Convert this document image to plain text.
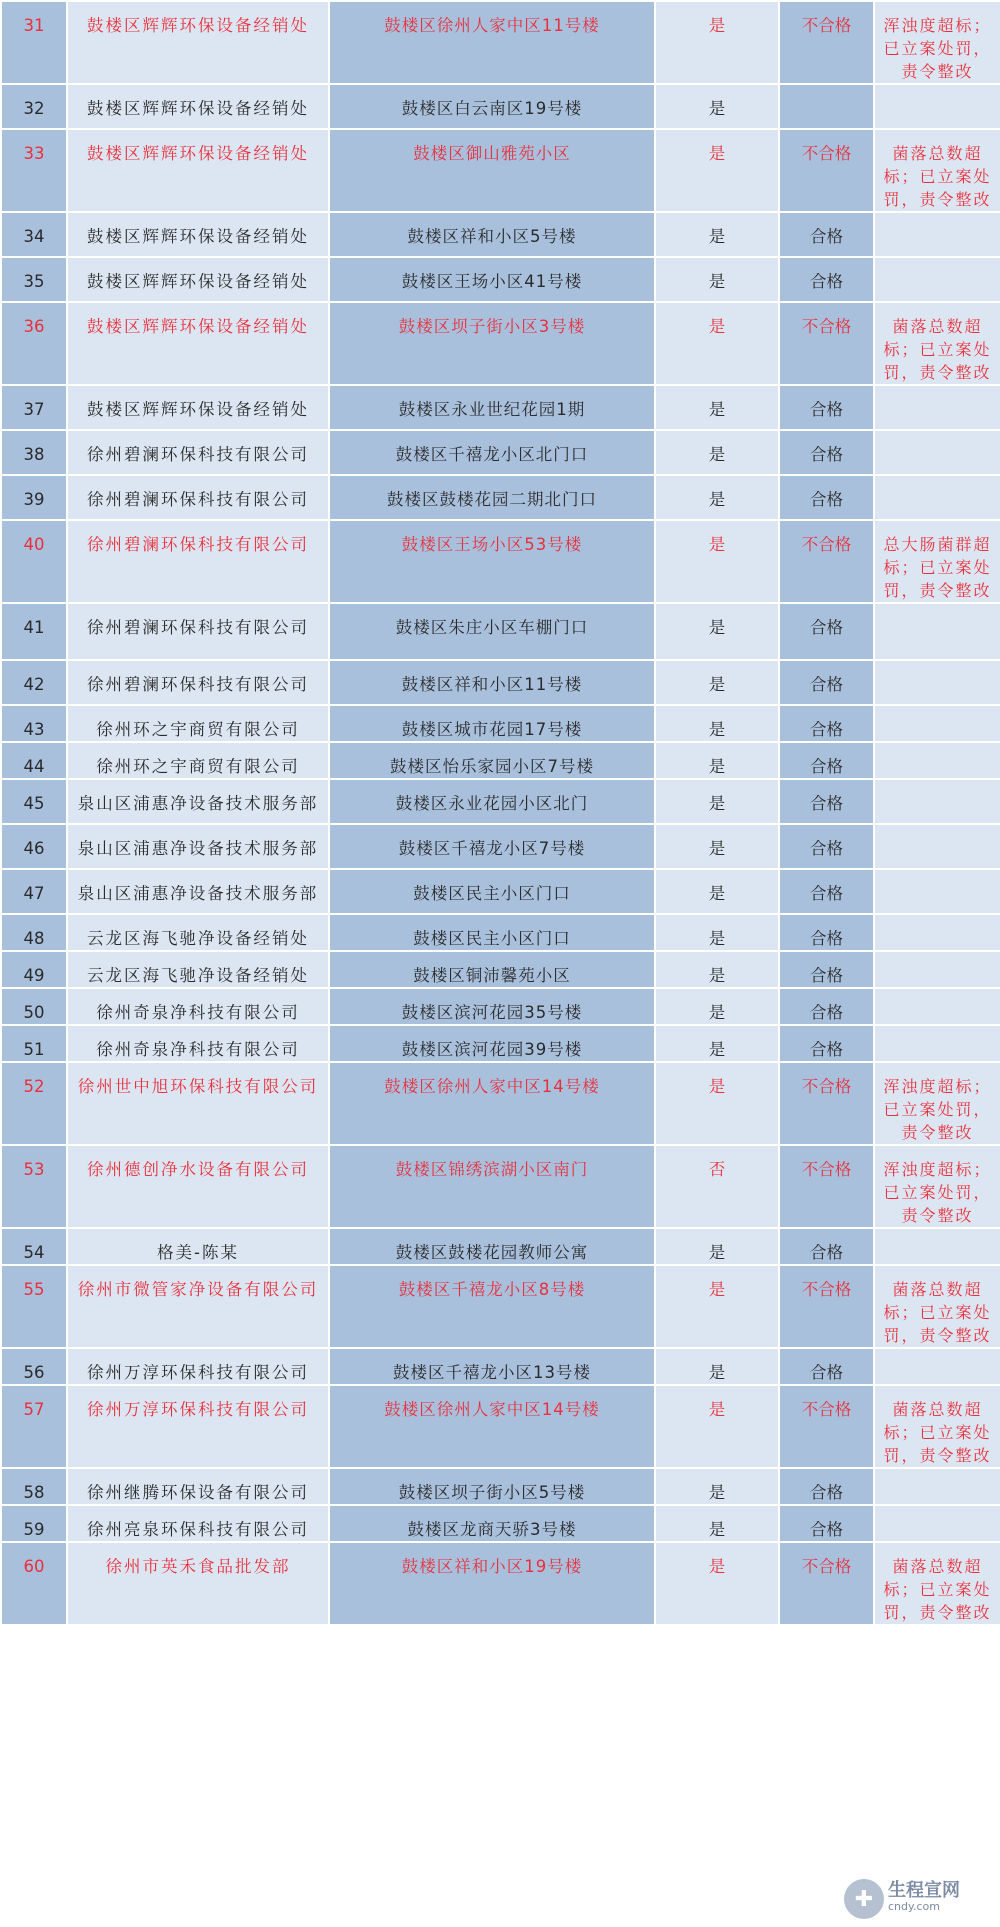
31	鼓楼区辉辉环保设备经销处	鼓楼区徐州人家中区11号楼	是	不合格	浑浊度超标；已立案处罚，责令整改
32	鼓楼区辉辉环保设备经销处	鼓楼区白云南区19号楼	是		
33	鼓楼区辉辉环保设备经销处	鼓楼区御山雅苑小区	是	不合格	菌落总数超标；已立案处罚，责令整改
34	鼓楼区辉辉环保设备经销处	鼓楼区祥和小区5号楼	是	合格	
35	鼓楼区辉辉环保设备经销处	鼓楼区王场小区41号楼	是	合格	
36	鼓楼区辉辉环保设备经销处	鼓楼区坝子街小区3号楼	是	不合格	菌落总数超标；已立案处罚，责令整改
37	鼓楼区辉辉环保设备经销处	鼓楼区永业世纪花园1期	是	合格	
38	徐州碧澜环保科技有限公司	鼓楼区千禧龙小区北门口	是	合格	
39	徐州碧澜环保科技有限公司	鼓楼区鼓楼花园二期北门口	是	合格	
40	徐州碧澜环保科技有限公司	鼓楼区王场小区53号楼	是	不合格	总大肠菌群超标；已立案处罚，责令整改
41	徐州碧澜环保科技有限公司	鼓楼区朱庄小区车棚门口	是	合格	
42	徐州碧澜环保科技有限公司	鼓楼区祥和小区11号楼	是	合格	
43	徐州环之宇商贸有限公司	鼓楼区城市花园17号楼	是	合格	
44	徐州环之宇商贸有限公司	鼓楼区怡乐家园小区7号楼	是	合格	
45	泉山区浦惠净设备技术服务部	鼓楼区永业花园小区北门	是	合格	
46	泉山区浦惠净设备技术服务部	鼓楼区千禧龙小区7号楼	是	合格	
47	泉山区浦惠净设备技术服务部	鼓楼区民主小区门口	是	合格	
48	云龙区海飞驰净设备经销处	鼓楼区民主小区门口	是	合格	
49	云龙区海飞驰净设备经销处	鼓楼区铜沛馨苑小区	是	合格	
50	徐州奇泉净科技有限公司	鼓楼区滨河花园35号楼	是	合格	
51	徐州奇泉净科技有限公司	鼓楼区滨河花园39号楼	是	合格	
52	徐州世中旭环保科技有限公司	鼓楼区徐州人家中区14号楼	是	不合格	浑浊度超标；已立案处罚，责令整改
53	徐州德创净水设备有限公司	鼓楼区锦绣滨湖小区南门	否	不合格	浑浊度超标；已立案处罚，责令整改
54	格美-陈某	鼓楼区鼓楼花园教师公寓	是	合格	
55	徐州市微管家净设备有限公司	鼓楼区千禧龙小区8号楼	是	不合格	菌落总数超标；已立案处罚，责令整改
56	徐州万淳环保科技有限公司	鼓楼区千禧龙小区13号楼	是	合格	
57	徐州万淳环保科技有限公司	鼓楼区徐州人家中区14号楼	是	不合格	菌落总数超标；已立案处罚，责令整改
58	徐州继腾环保设备有限公司	鼓楼区坝子街小区5号楼	是	合格	
59	徐州亮泉环保科技有限公司	鼓楼区龙商天骄3号楼	是	合格	
60	徐州市英禾食品批发部	鼓楼区祥和小区19号楼	是	不合格	菌落总数超标；已立案处罚，责令整改
✚ 生程宣网
cndy.com
